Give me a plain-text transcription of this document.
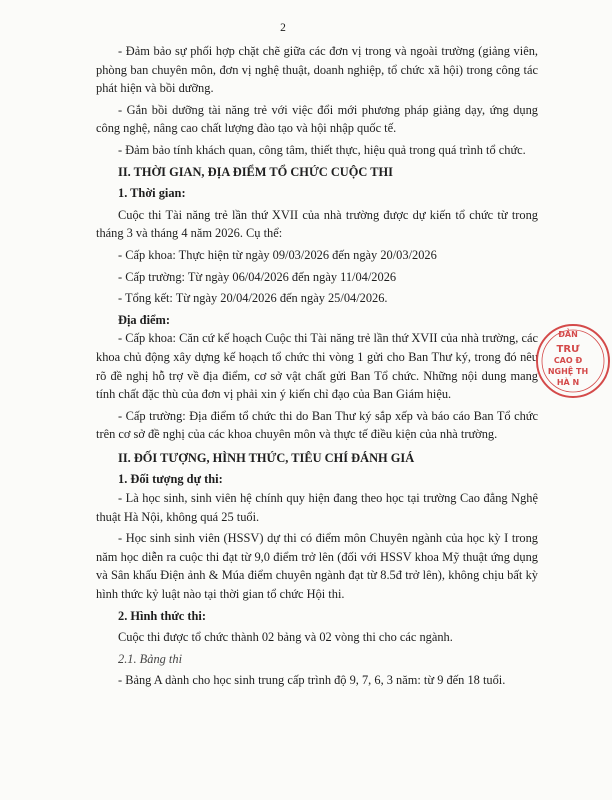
2

- Đảm bảo sự phối hợp chặt chẽ giữa các đơn vị trong và ngoài trường (giảng viên, phòng ban chuyên môn, đơn vị nghệ thuật, doanh nghiệp, tổ chức xã hội) trong công tác phát hiện và bồi dưỡng.

- Gắn bồi dưỡng tài năng trẻ với việc đổi mới phương pháp giảng dạy, ứng dụng công nghệ, nâng cao chất lượng đào tạo và hội nhập quốc tế.

- Đảm bảo tính khách quan, công tâm, thiết thực, hiệu quả trong quá trình tổ chức.

II. THỜI GIAN, ĐỊA ĐIỂM TỔ CHỨC CUỘC THI

1. Thời gian:

Cuộc thi Tài năng trẻ lần thứ XVII của nhà trường được dự kiến tổ chức từ trong tháng 3 và tháng 4 năm 2026. Cụ thể:

- Cấp khoa: Thực hiện từ ngày 09/03/2026 đến ngày 20/03/2026

- Cấp trường: Từ ngày 06/04/2026 đến ngày 11/04/2026

- Tổng kết: Từ ngày 20/04/2026 đến ngày 25/04/2026.

Địa điểm:

- Cấp khoa: Căn cứ kế hoạch Cuộc thi Tài năng trẻ lần thứ XVII của nhà trường, các khoa chủ động xây dựng kế hoạch tổ chức thi vòng 1 gửi cho Ban Thư ký, trong đó nêu rõ đề nghị hỗ trợ về địa điểm, cơ sở vật chất gửi Ban Tổ chức. Những nội dung mang tính chất đặc thù của đơn vị phải xin ý kiến chỉ đạo của Ban Giám hiệu.

- Cấp trường: Địa điểm tổ chức thi do Ban Thư ký sắp xếp và báo cáo Ban Tổ chức trên cơ sở đề nghị của các khoa chuyên môn và thực tế điều kiện của nhà trường.

II. ĐỐI TƯỢNG, HÌNH THỨC, TIÊU CHÍ ĐÁNH GIÁ

1. Đối tượng dự thi:

- Là học sinh, sinh viên hệ chính quy hiện đang theo học tại trường Cao đẳng Nghệ thuật Hà Nội, không quá 25 tuổi.

- Học sinh sinh viên (HSSV) dự thi có điểm môn Chuyên ngành của học kỳ I trong năm học diễn ra cuộc thi đạt từ 9,0 điểm trở lên (đối với HSSV khoa Mỹ thuật ứng dụng và Sân khấu Điện ảnh & Múa điểm chuyên ngành đạt từ 8.5đ trở lên), không chịu bất kỳ hình thức kỷ luật nào tại thời gian tổ chức Hội thi.

2. Hình thức thi:

Cuộc thi được tổ chức thành 02 bảng và 02 vòng thi cho các ngành.

2.1. Bảng thi

- Bảng A dành cho học sinh trung cấp trình độ 9, 7, 6, 3 năm: từ 9 đến 18 tuổi.

ĐẢN
TRƯ
CAO Đ
NGHỆ TH
HÀ N
